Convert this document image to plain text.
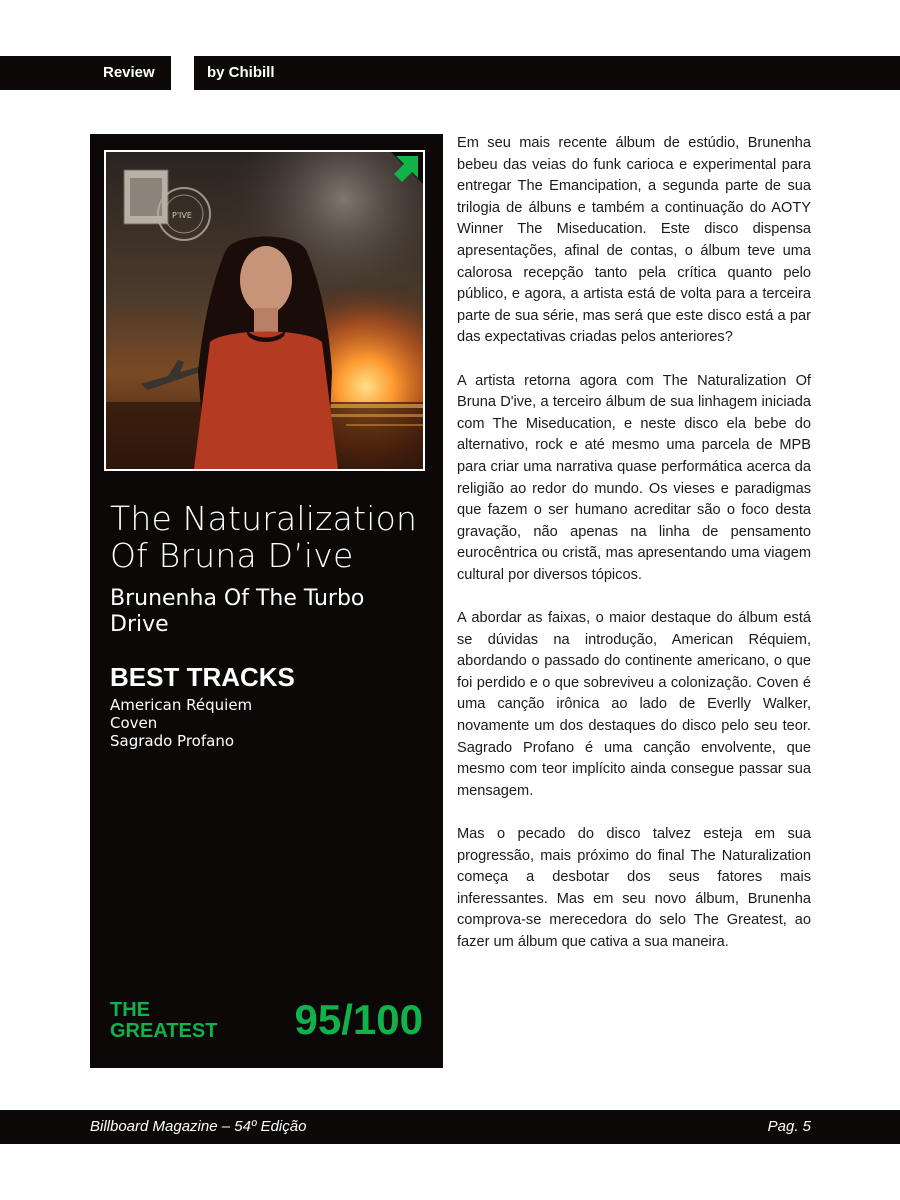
Review	by Chibill
P'IVE
The Naturalization Of Bruna D’ive
Brunenha Of The Turbo Drive
BEST TRACKS
American Réquiem
Coven
Sagrado Profano
THE GREATEST 95/100

Em seu mais recente álbum de estúdio, Brunenha bebeu das veias do funk carioca e experimental para entregar The Emancipation, a segunda parte de sua trilogia de álbuns e também a continuação do AOTY Winner The Miseducation. Este disco dispensa apresentações, afinal de contas, o álbum teve uma calorosa recepção tanto pela crítica quanto pelo público, e agora, a artista está de volta para a terceira parte de sua série, mas será que este disco está a par das expectativas criadas pelos anteriores?

A artista retorna agora com The Naturalization Of Bruna D'ive, a terceiro álbum de sua linhagem iniciada com The Miseducation, e neste disco ela bebe do alternativo, rock e até mesmo uma parcela de MPB para criar uma narrativa quase performática acerca da religião ao redor do mundo. Os vieses e paradigmas que fazem o ser humano acreditar são o foco desta gravação, não apenas na linha de pensamento eurocêntrica ou cristã, mas apresentando uma viagem cultural por diversos tópicos.

A abordar as faixas, o maior destaque do álbum está se dúvidas na introdução, American Réquiem, abordando o passado do continente americano, o que foi perdido e o que sobreviveu a colonização. Coven é uma canção irônica ao lado de Everlly Walker, novamente um dos destaques do disco pelo seu teor. Sagrado Profano é uma canção envolvente, que mesmo com teor implícito ainda consegue passar sua mensagem.

Mas o pecado do disco talvez esteja em sua progressão, mais próximo do final The Naturalization começa a desbotar dos seus fatores mais inferessantes. Mas em seu novo álbum, Brunenha comprova-se merecedora do selo The Greatest, ao fazer um álbum que cativa a sua maneira.

Billboard Magazine – 54º Edição	Pag. 5
